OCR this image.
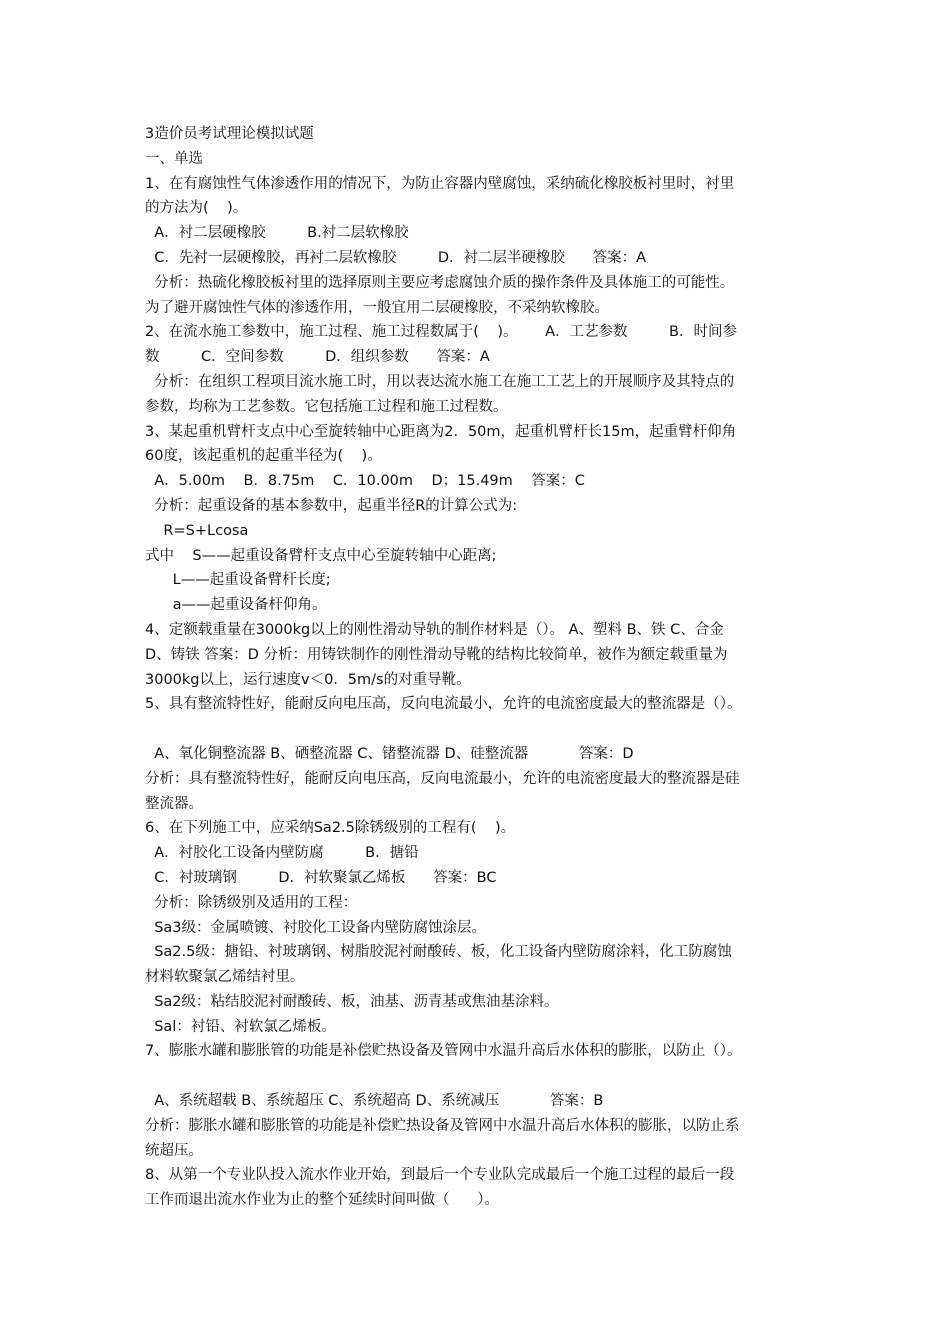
3造价员考试理论模拟试题
一、单选
1、在有腐蚀性气体渗透作用的情况下，为防止容器内壁腐蚀，采纳硫化橡胶板衬里时，衬里
的方法为(    )。
A．衬二层硬橡胶         B.衬二层软橡胶
C．先衬一层硬橡胶，再衬二层软橡胶         D．衬二层半硬橡胶      答案：A
分析：热硫化橡胶板衬里的选择原则主要应考虑腐蚀介质的操作条件及具体施工的可能性。
为了避开腐蚀性气体的渗透作用，一般宜用二层硬橡胶，不采纳软橡胶。
2、在流水施工参数中，施工过程、施工过程数属于(    )。      A．工艺参数         B．时间参
数         C．空间参数         D．组织参数      答案：A
分析：在组织工程项目流水施工时，用以表达流水施工在施工工艺上的开展顺序及其特点的
参数，均称为工艺参数。它包括施工过程和施工过程数。
3、某起重机臂杆支点中心至旋转轴中心距离为2．50m，起重机臂杆长15m，起重臂杆仰角
60度，该起重机的起重半径为(    )。
A．5.00m    B．8.75m    C．10.00m    D；15.49m    答案：C
分析：起重设备的基本参数中，起重半径R的计算公式为:
R=S+Lcosa
式中    S——起重设备臂杆支点中心至旋转轴中心距离;
L——起重设备臂杆长度;
a——起重设备杆仰角。
4、定额载重量在3000kg以上的刚性滑动导轨的制作材料是（）。 A、塑料 B、铁 C、合金
D、铸铁 答案：D 分析：用铸铁制作的刚性滑动导靴的结构比较简单，被作为额定载重量为
3000kg以上，运行速度v＜0．5m/s的对重导靴。
5、具有整流特性好，能耐反向电压高，反向电流最小，允许的电流密度最大的整流器是（）。
A、氧化铜整流器 B、硒整流器 C、锗整流器 D、硅整流器           答案：D
分析：具有整流特性好，能耐反向电压高，反向电流最小，允许的电流密度最大的整流器是硅
整流器。
6、在下列施工中，应采纳Sa2.5除锈级别的工程有(    )。
A．衬胶化工设备内壁防腐         B．搪铅
C．衬玻璃钢         D．衬软聚氯乙烯板      答案：BC
分析：除锈级别及适用的工程：
Sa3级：金属喷镀、衬胶化工设备内壁防腐蚀涂层。
Sa2.5级：搪铅、衬玻璃钢、树脂胶泥衬耐酸砖、板，化工设备内壁防腐涂料，化工防腐蚀
材料软聚氯乙烯结衬里。
Sa2级：粘结胶泥衬耐酸砖、板，油基、沥青基或焦油基涂料。
Sal：衬铅、衬软氯乙烯板。
7、膨胀水罐和膨胀管的功能是补偿贮热设备及管网中水温升高后水体积的膨胀，以防止（）。
A、系统超载 B、系统超压 C、系统超高 D、系统减压           答案：B
分析：膨胀水罐和膨胀管的功能是补偿贮热设备及管网中水温升高后水体积的膨胀，以防止系
统超压。
8、从第一个专业队投入流水作业开始，到最后一个专业队完成最后一个施工过程的最后一段
工作而退出流水作业为止的整个延续时间叫做（      ）。
